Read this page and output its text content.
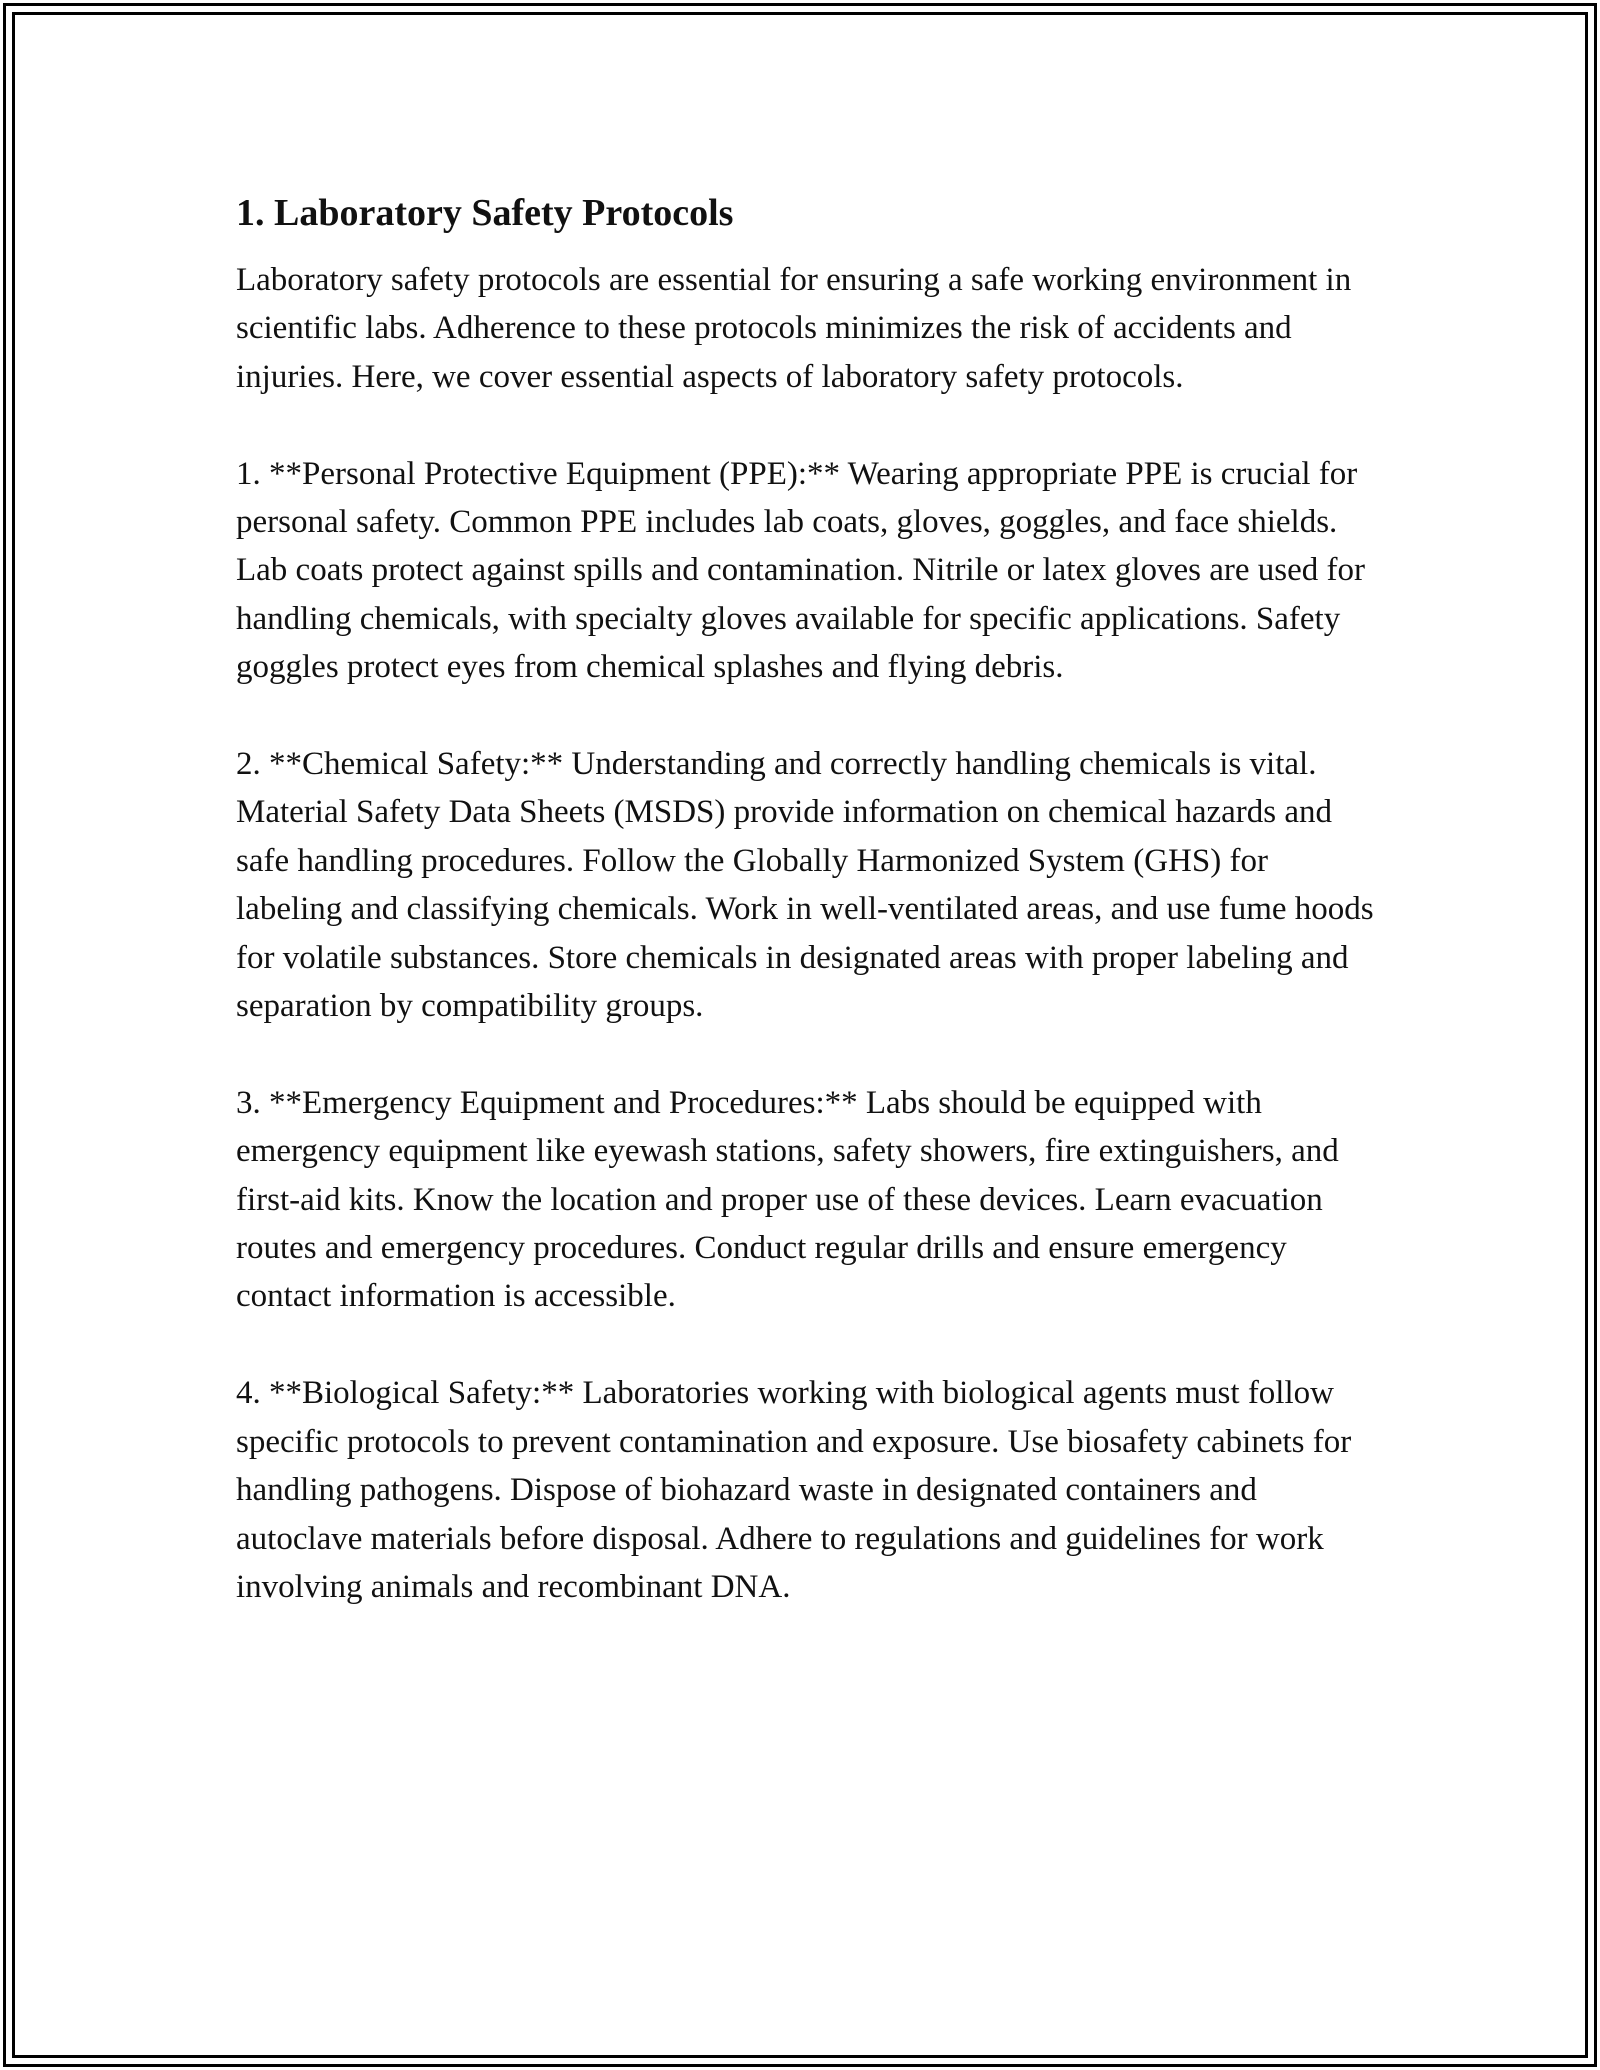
1. Laboratory Safety Protocols

Laboratory safety protocols are essential for ensuring a safe working environment in scientific labs. Adherence to these protocols minimizes the risk of accidents and injuries. Here, we cover essential aspects of laboratory safety protocols.

1. **Personal Protective Equipment (PPE):** Wearing appropriate PPE is crucial for personal safety. Common PPE includes lab coats, gloves, goggles, and face shields. Lab coats protect against spills and contamination. Nitrile or latex gloves are used for handling chemicals, with specialty gloves available for specific applications. Safety goggles protect eyes from chemical splashes and flying debris.

2. **Chemical Safety:** Understanding and correctly handling chemicals is vital. Material Safety Data Sheets (MSDS) provide information on chemical hazards and safe handling procedures. Follow the Globally Harmonized System (GHS) for labeling and classifying chemicals. Work in well-ventilated areas, and use fume hoods for volatile substances. Store chemicals in designated areas with proper labeling and separation by compatibility groups.

3. **Emergency Equipment and Procedures:** Labs should be equipped with emergency equipment like eyewash stations, safety showers, fire extinguishers, and first-aid kits. Know the location and proper use of these devices. Learn evacuation routes and emergency procedures. Conduct regular drills and ensure emergency contact information is accessible.

4. **Biological Safety:** Laboratories working with biological agents must follow specific protocols to prevent contamination and exposure. Use biosafety cabinets for handling pathogens. Dispose of biohazard waste in designated containers and autoclave materials before disposal. Adhere to regulations and guidelines for work involving animals and recombinant DNA.
